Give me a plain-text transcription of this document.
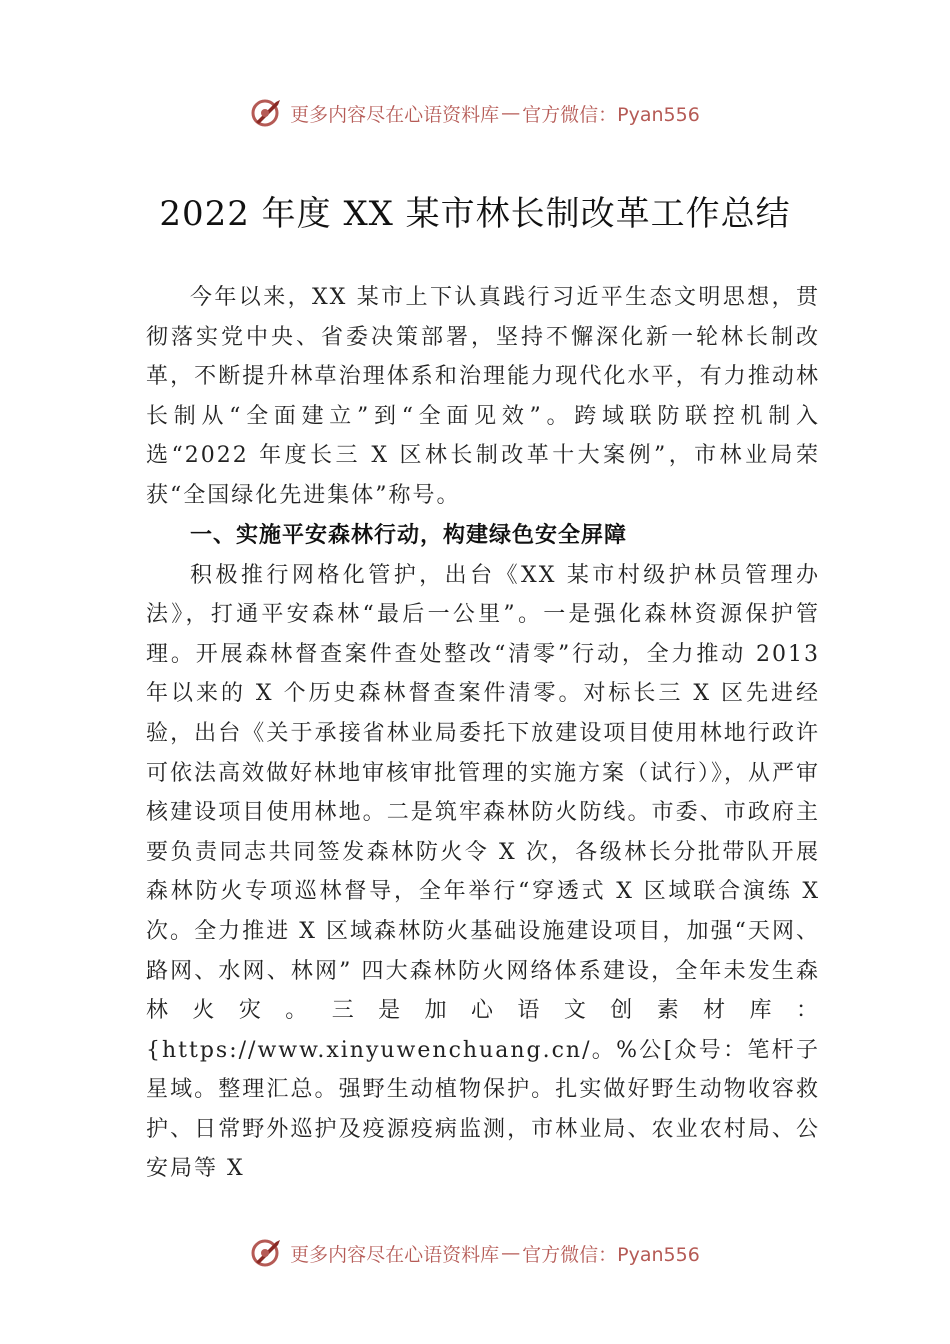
更多内容尽在心语资料库 — 官方微信：Pyan556
2022 年度 XX 某市林长制改革工作总结

今年以来，XX 某市上下认真践行习近平生态文明思想，贯彻落实党中央、省委决策部署，坚持不懈深化新一轮林长制改革，不断提升林草治理体系和治理能力现代化水平，有力推动林长制从“全面建立”到“全面见效”。跨域联防联控机制入选“2022 年度长三 X 区林长制改革十大案例”，市林业局荣获“全国绿化先进集体”称号。

一、实施平安森林行动，构建绿色安全屏障

积极推行网格化管护，出台《XX 某市村级护林员管理办法》，打通平安森林“最后一公里”。一是强化森林资源保护管理。开展森林督查案件查处整改“清零”行动，全力推动 2013 年以来的 X 个历史森林督查案件清零。对标长三 X 区先进经验，出台《关于承接省林业局委托下放建设项目使用林地行政许可依法高效做好林地审核审批管理的实施方案（试行）》，从严审核建设项目使用林地。二是筑牢森林防火防线。市委、市政府主要负责同志共同签发森林防火令 X 次，各级林长分批带队开展森林防火专项巡林督导，全年举行“穿透式 X 区域联合演练 X 次。全力推进 X 区域森林防火基础设施建设项目，加强“天网、路网、水网、林网” 四大森林防火网络体系建设，全年未发生森林火灾。三是加心语文创素材库：{https://www.xinyuwenchuang.cn/。%公[众号：笔杆子星域。整理汇总。强野生动植物保护。扎实做好野生动物收容救护、日常野外巡护及疫源疫病监测，市林业局、农业农村局、公安局等 X

更多内容尽在心语资料库 — 官方微信：Pyan556
